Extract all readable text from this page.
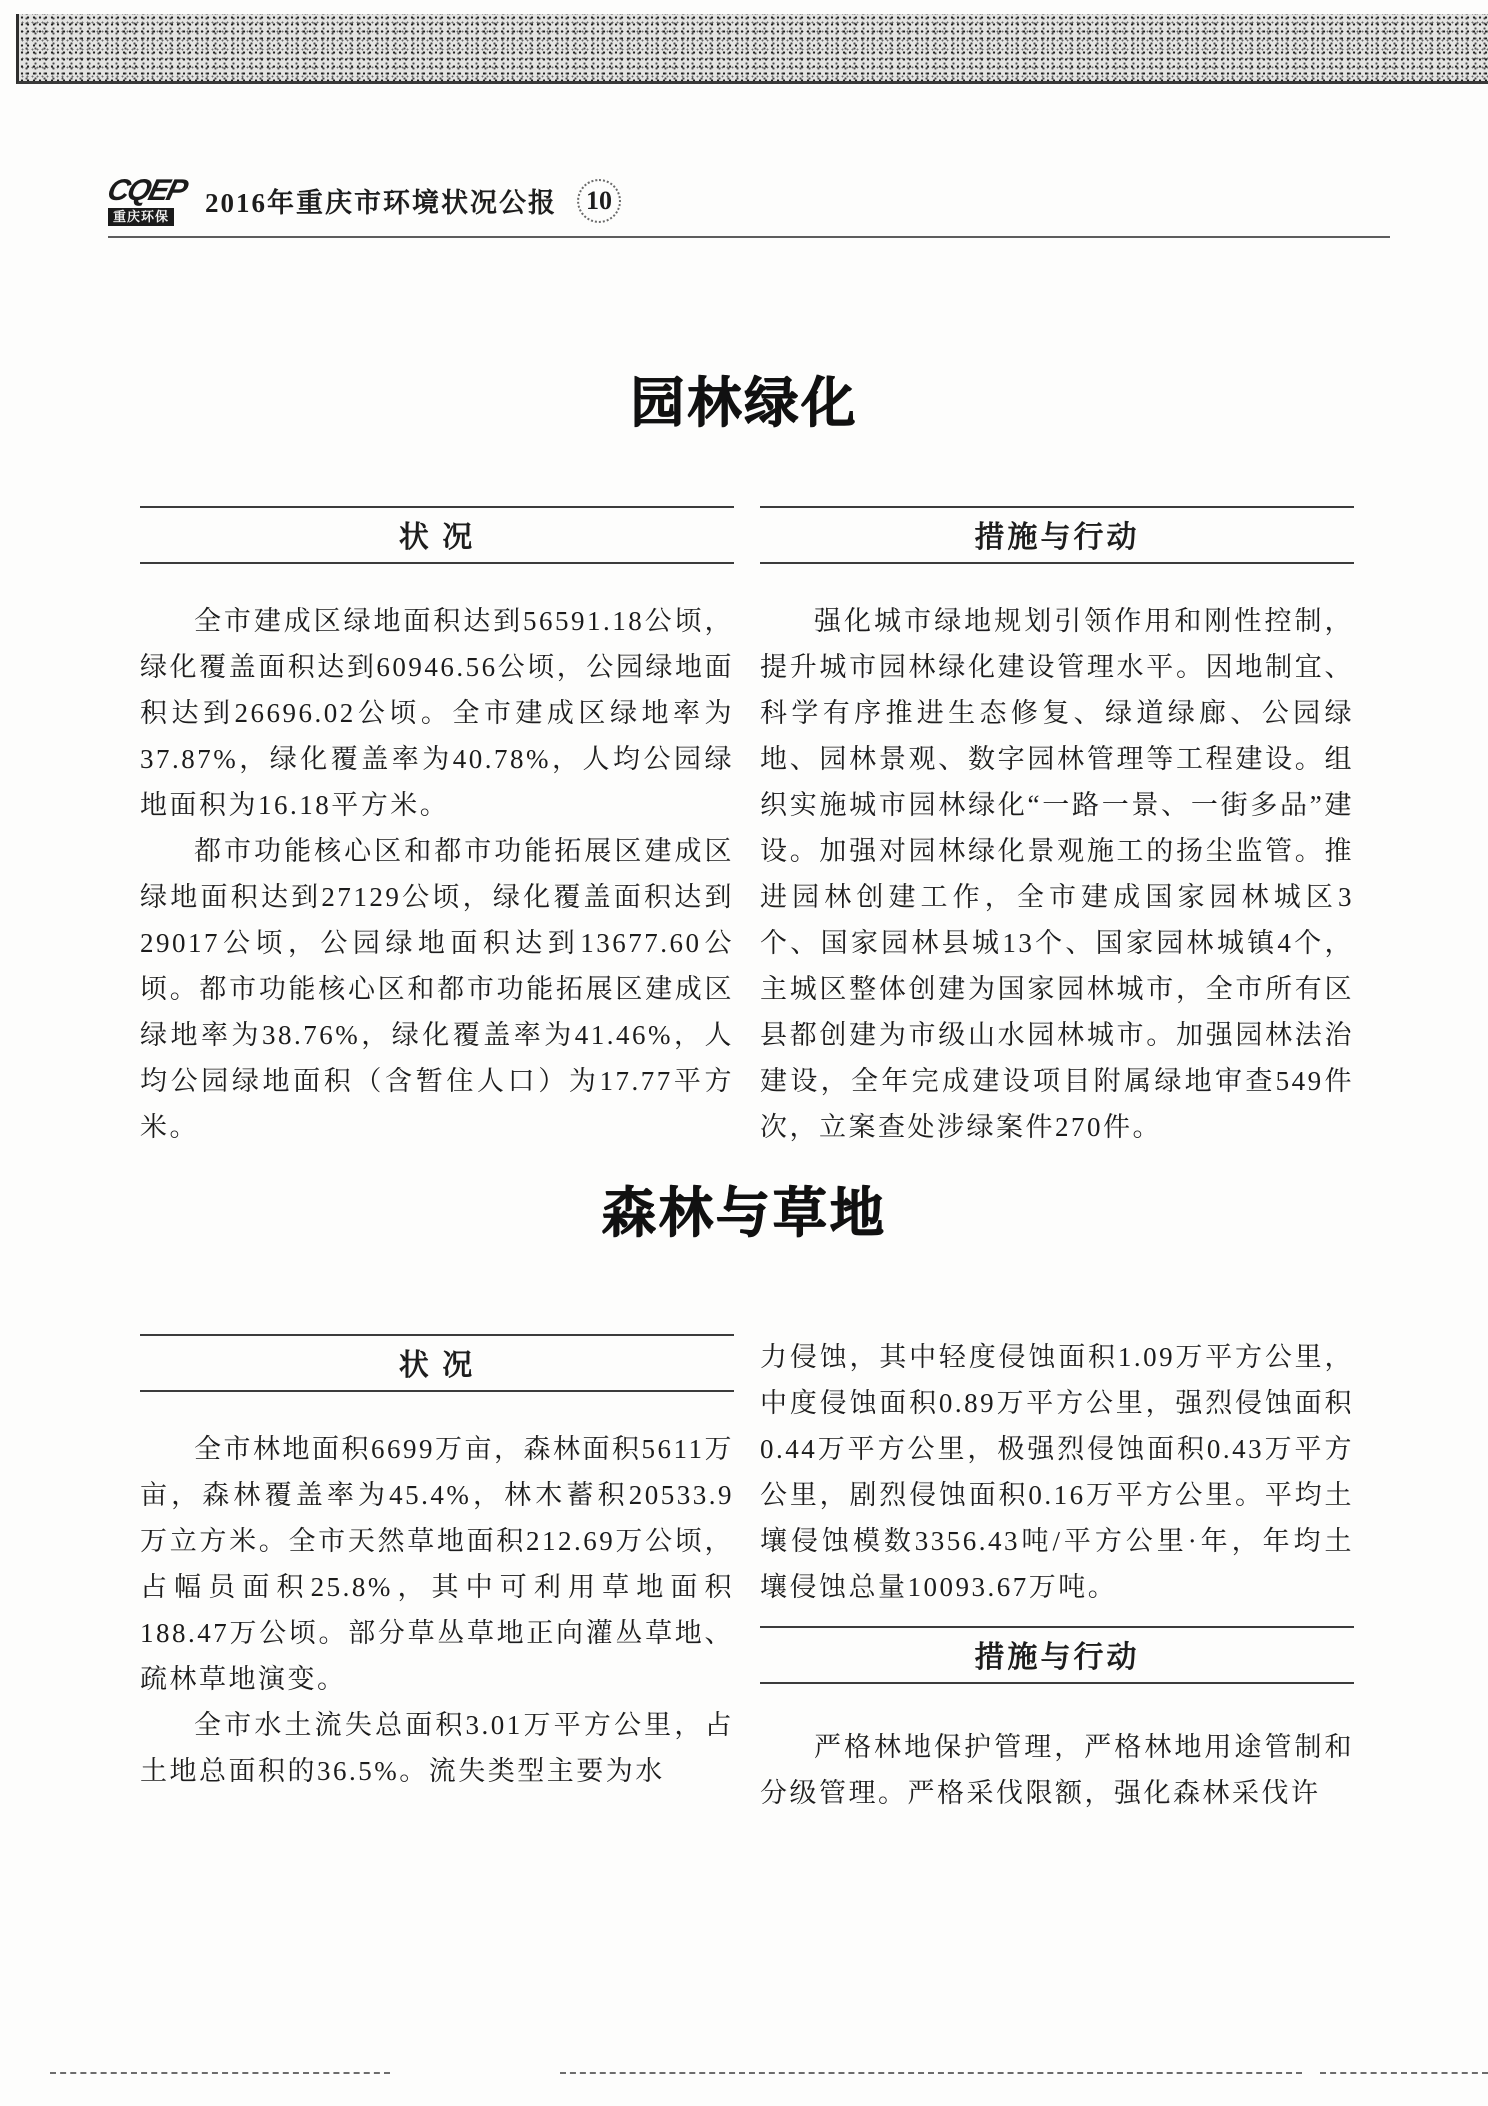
CQEP
重庆环保 2016年重庆市环境状况公报 10
园林绿化
状 况

全市建成区绿地面积达到56591.18公顷，绿化覆盖面积达到60946.56公顷，公园绿地面积达到26696.02公顷。全市建成区绿地率为37.87%，绿化覆盖率为40.78%，人均公园绿地面积为16.18平方米。

都市功能核心区和都市功能拓展区建成区绿地面积达到27129公顷，绿化覆盖面积达到29017公顷，公园绿地面积达到13677.60公顷。都市功能核心区和都市功能拓展区建成区绿地率为38.76%，绿化覆盖率为41.46%，人均公园绿地面积（含暂住人口）为17.77平方米。

措施与行动

强化城市绿地规划引领作用和刚性控制，提升城市园林绿化建设管理水平。因地制宜、科学有序推进生态修复、绿道绿廊、公园绿地、园林景观、数字园林管理等工程建设。组织实施城市园林绿化“一路一景、一街多品”建设。加强对园林绿化景观施工的扬尘监管。推进园林创建工作，全市建成国家园林城区3个、国家园林县城13个、国家园林城镇4个，主城区整体创建为国家园林城市，全市所有区县都创建为市级山水园林城市。加强园林法治建设，全年完成建设项目附属绿地审查549件次，立案查处涉绿案件270件。

森林与草地
状 况

全市林地面积6699万亩，森林面积5611万亩，森林覆盖率为45.4%，林木蓄积20533.9万立方米。全市天然草地面积212.69万公顷，占幅员面积25.8%，其中可利用草地面积188.47万公顷。部分草丛草地正向灌丛草地、疏林草地演变。

全市水土流失总面积3.01万平方公里，占土地总面积的36.5%。流失类型主要为水

力侵蚀，其中轻度侵蚀面积1.09万平方公里，中度侵蚀面积0.89万平方公里，强烈侵蚀面积0.44万平方公里，极强烈侵蚀面积0.43万平方公里，剧烈侵蚀面积0.16万平方公里。平均土壤侵蚀模数3356.43吨/平方公里·年，年均土壤侵蚀总量10093.67万吨。

措施与行动

严格林地保护管理，严格林地用途管制和分级管理。严格采伐限额，强化森林采伐许
